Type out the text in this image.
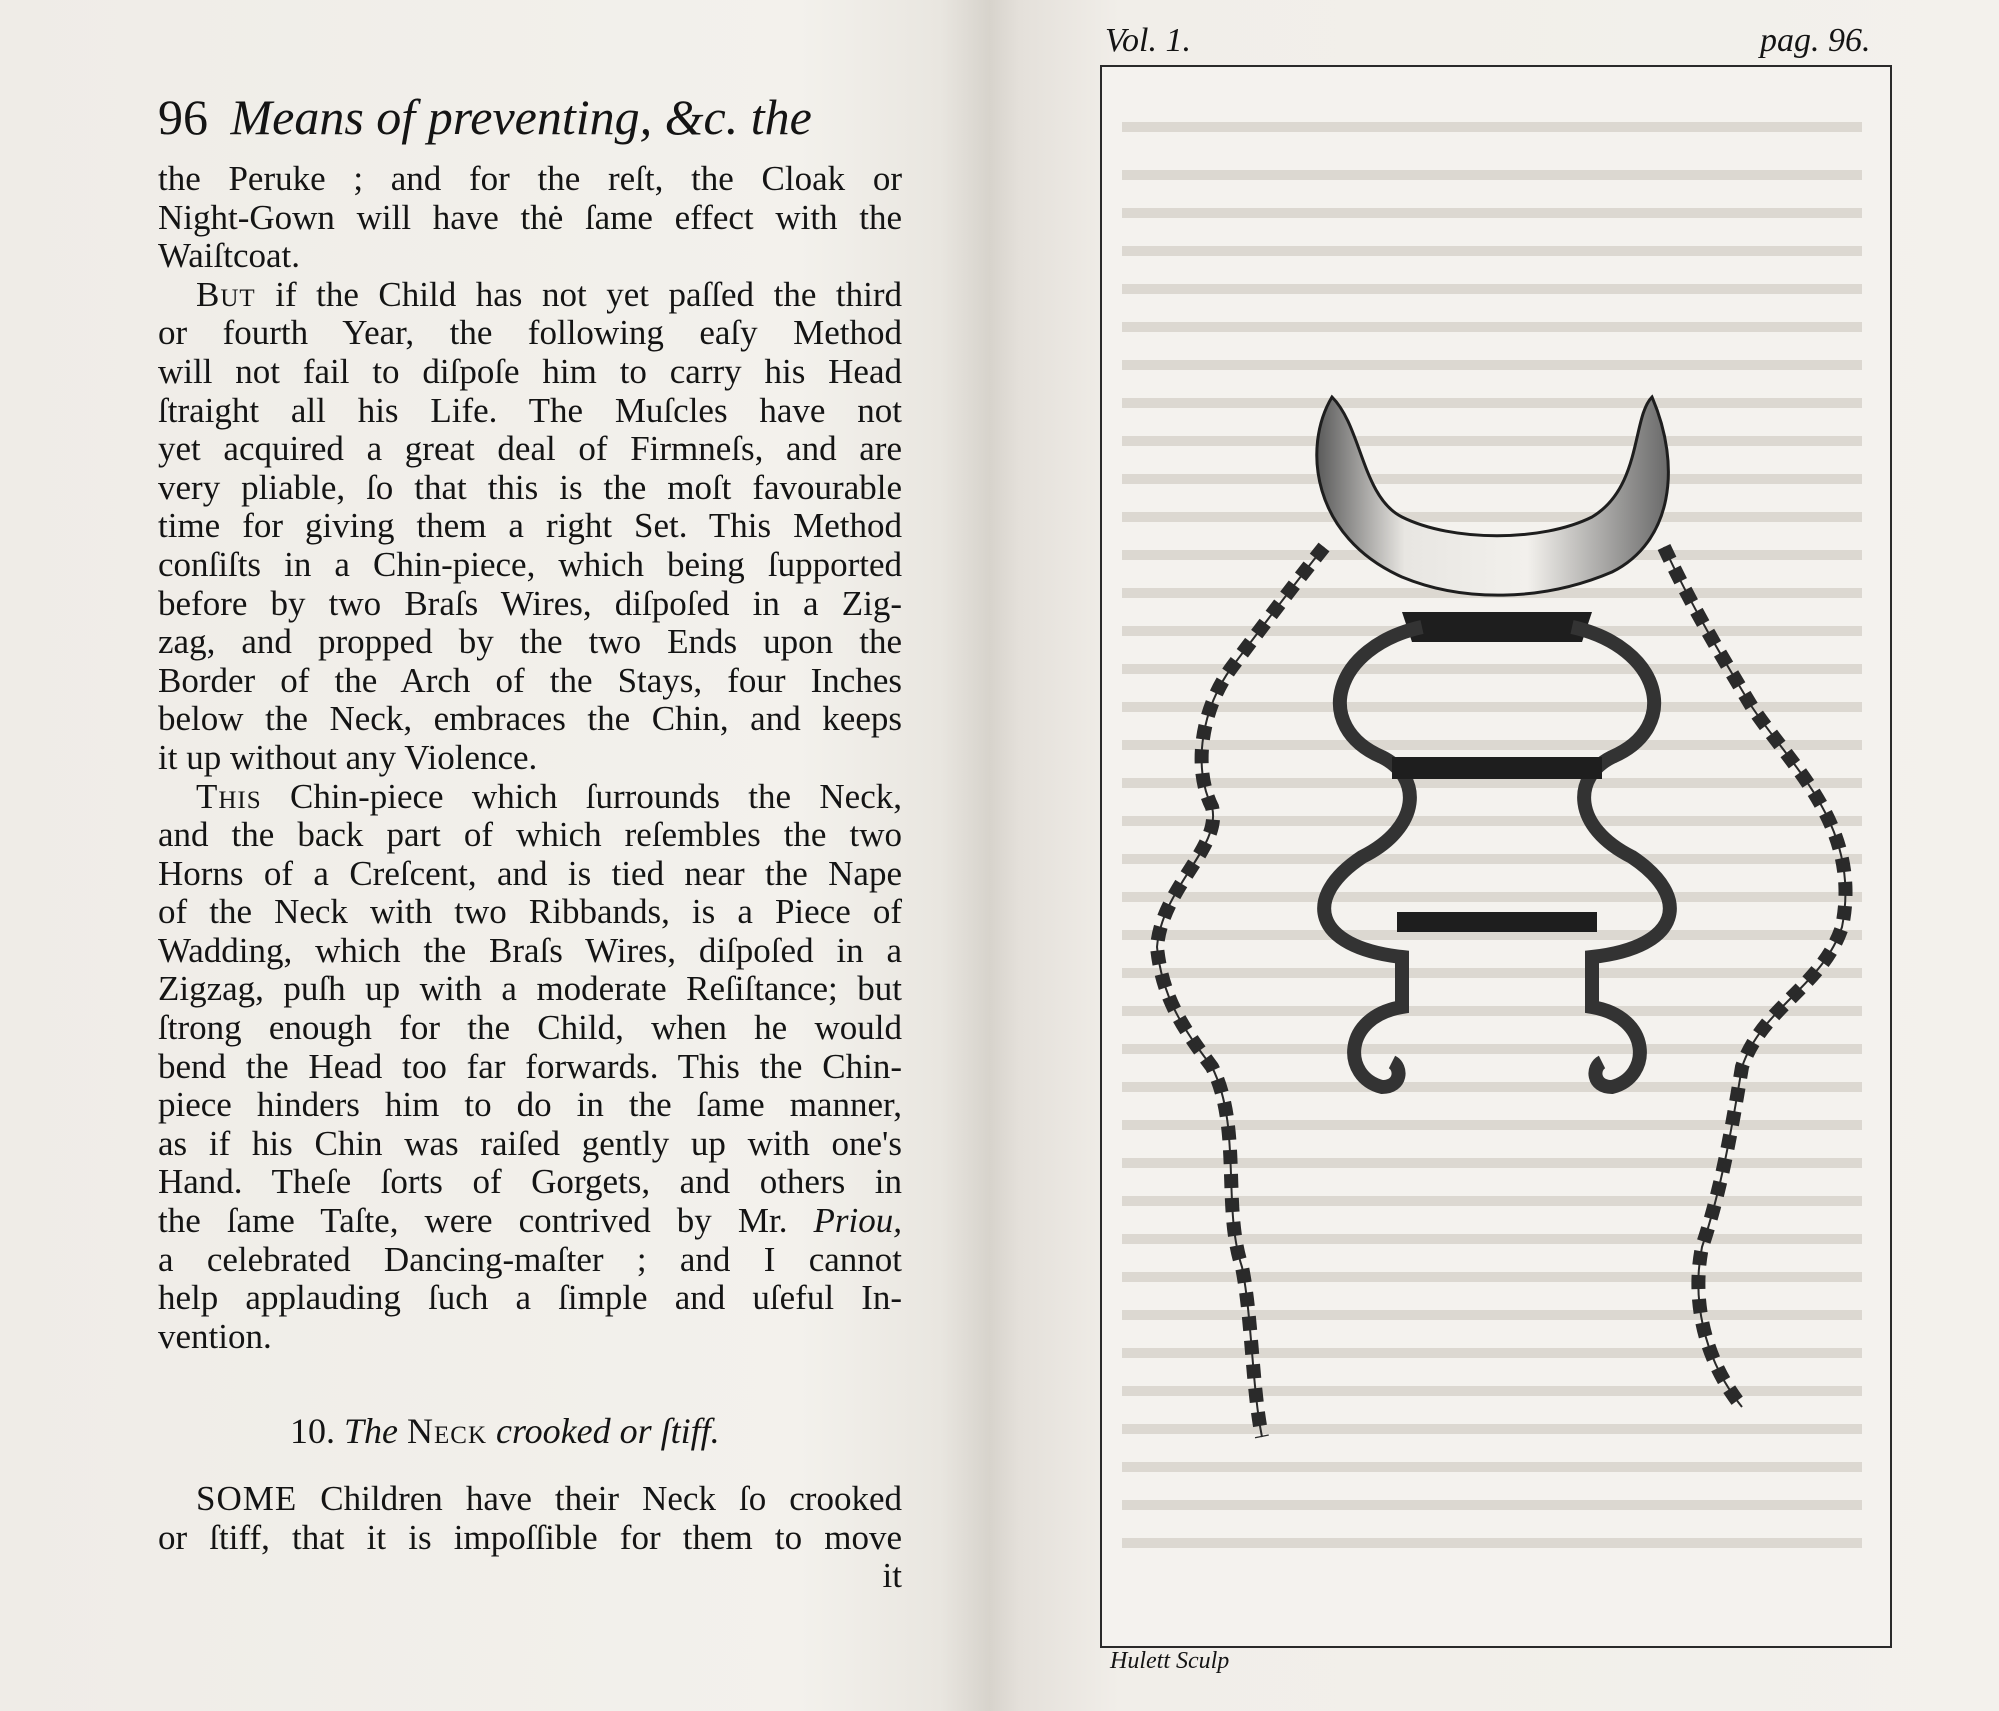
96 Means of preventing, &c. the

the Peruke ; and for the reſt, the Cloak or
Night-Gown will have thė ſame effect with the
Waiſtcoat.

But if the Child has not yet paſſed the third
or fourth Year, the following eaſy Method
will not fail to diſpoſe him to carry his Head
ſtraight all his Life. The Muſcles have not
yet acquired a great deal of Firmneſs, and are
very pliable, ſo that this is the moſt favourable
time for giving them a right Set. This Method
conſiſts in a Chin-piece, which being ſupported
before by two Braſs Wires, diſpoſed in a Zig-
zag, and propped by the two Ends upon the
Border of the Arch of the Stays, four Inches
below the Neck, embraces the Chin, and keeps
it up without any Violence.

This Chin-piece which ſurrounds the Neck,
and the back part of which reſembles the two
Horns of a Creſcent, and is tied near the Nape
of the Neck with two Ribbands, is a Piece of
Wadding, which the Braſs Wires, diſpoſed in a
Zigzag, puſh up with a moderate Reſiſtance; but
ſtrong enough for the Child, when he would
bend the Head too far forwards. This the Chin-
piece hinders him to do in the ſame manner,
as if his Chin was raiſed gently up with one's
Hand. Theſe ſorts of Gorgets, and others in
the ſame Taſte, were contrived by Mr. Priou,
a celebrated Dancing-maſter ; and I cannot
help applauding ſuch a ſimple and uſeful In-
vention.

10. The Neck crooked or ſtiff.
SOME Children have their Neck ſo crooked
or ſtiff, that it is impoſſible for them to move
it
Vol. 1.	pag. 96.
Hulett Sculp
